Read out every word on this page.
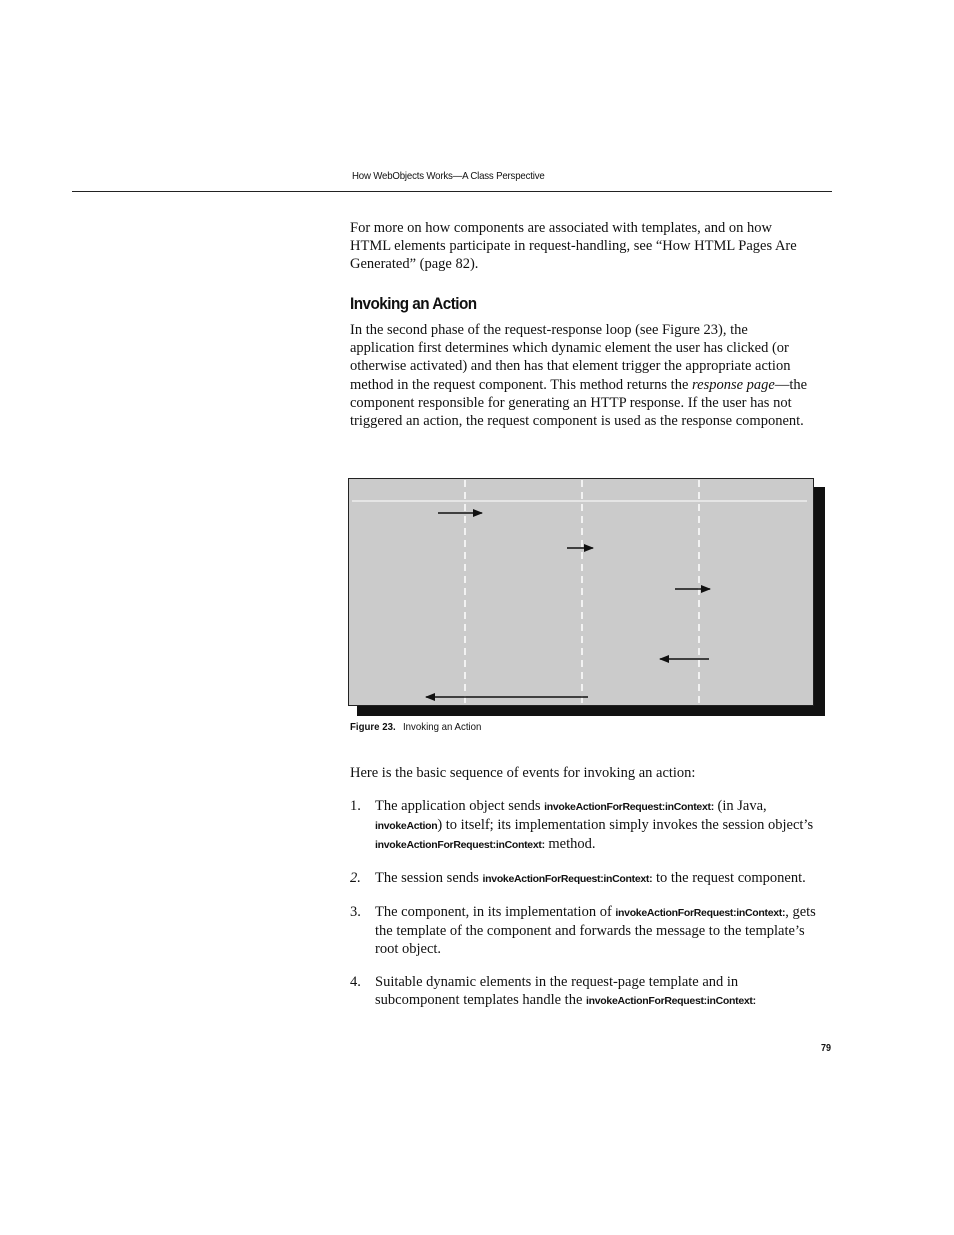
How WebObjects Works—A Class Perspective

For more on how components are associated with templates, and on how HTML elements participate in request-handling, see “How HTML Pages Are Generated” (page 82).

Invoking an Action

In the second phase of the request-response loop (see Figure 23), the application first determines which dynamic element the user has clicked (or otherwise activated) and then has that element trigger the appropriate action method in the request component. This method returns the response page—the component responsible for generating an HTTP response. If the user has not triggered an action, the request component is used as the response component.

Figure 23. Invoking an Action

Here is the basic sequence of events for invoking an action:

1. The application object sends invokeActionForRequest:inContext: (in Java, invokeAction) to itself; its implementation simply invokes the session object’s invokeActionForRequest:inContext: method.
2. The session sends invokeActionForRequest:inContext: to the request component.
3. The component, in its implementation of invokeActionForRequest:inContext:, gets the template of the component and forwards the message to the template’s root object.
4. Suitable dynamic elements in the request-page template and in subcomponent templates handle the invokeActionForRequest:inContext:
79
